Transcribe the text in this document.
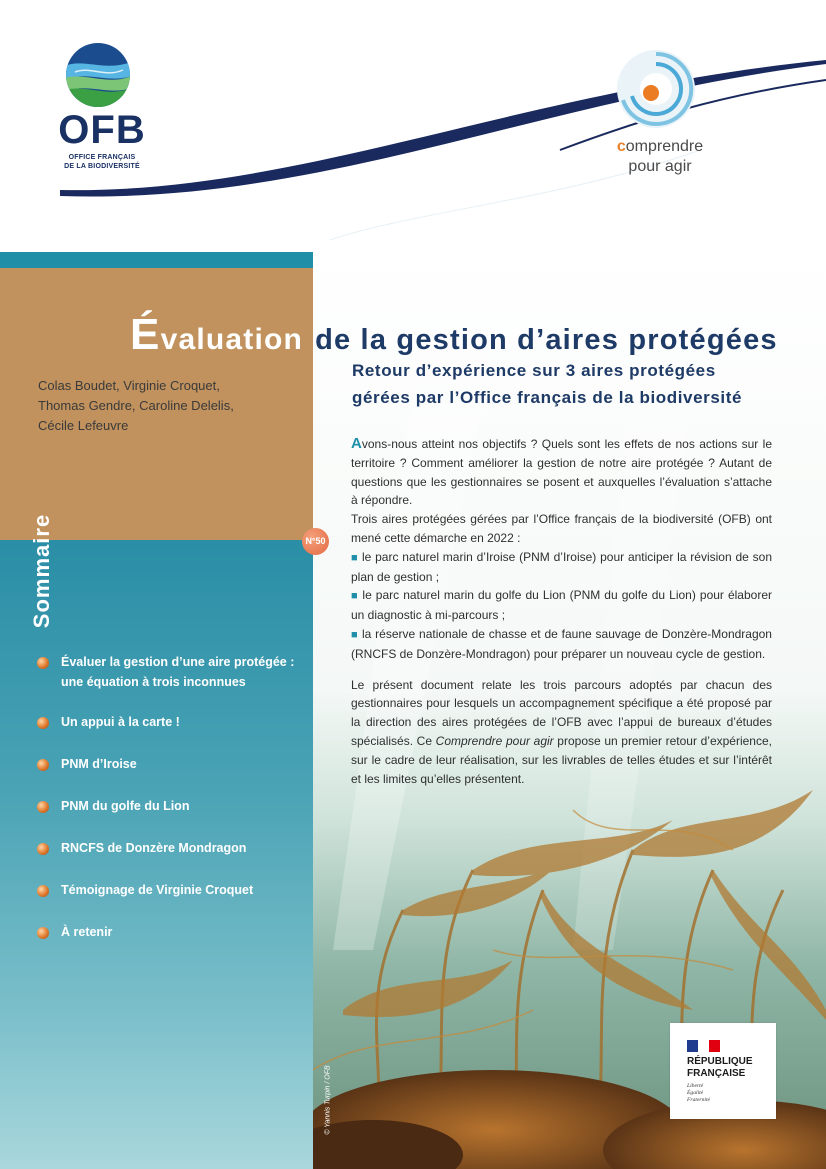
OFB
OFFICE FRANÇAIS
DE LA BIODIVERSITÉ
comprendre
pour agir
Colas Boudet, Virginie Croquet,
Thomas Gendre, Caroline Delelis,
Cécile Lefeuvre
Sommaire	N°50
Évaluer la gestion d’une aire protégée :
une équation à trois inconnues
Un appui à la carte !
PNM d’Iroise
PNM du golfe du Lion
RNCFS de Donzère Mondragon
Témoignage de Virginie Croquet
À retenir
Évaluation de la gestion d’aires protégées
Retour d’expérience sur 3 aires protégées
gérées par l’Office français de la biodiversité

Avons-nous atteint nos objectifs ? Quels sont les effets de nos actions sur le territoire ? Comment améliorer la gestion de notre aire protégée ? Autant de questions que les gestionnaires se posent et auxquelles l’évaluation s’attache à répondre.

Trois aires protégées gérées par l’Office français de la biodiversité (OFB) ont mené cette démarche en 2022 :

■ le parc naturel marin d’Iroise (PNM d’Iroise) pour anticiper la révision de son plan de gestion ;

■ le parc naturel marin du golfe du Lion (PNM du golfe du Lion) pour élaborer un diagnostic à mi-parcours ;

■ la réserve nationale de chasse et de faune sauvage de Donzère-Mondragon (RNCFS de Donzère-Mondragon) pour préparer un nouveau cycle de gestion.

Le présent document relate les trois parcours adoptés par chacun des gestionnaires pour lesquels un accompagnement spécifique a été proposé par la direction des aires protégées de l’OFB avec l’appui de bureaux d’études spécialisés. Ce Comprendre pour agir propose un premier retour d’expérience, sur le cadre de leur réalisation, sur les livrables de telles études et sur l’intérêt et les limites qu’elles présentent.

© Yannis Turpin / OFB
RÉPUBLIQUE
FRANÇAISE
Liberté
Égalité
Fraternité
